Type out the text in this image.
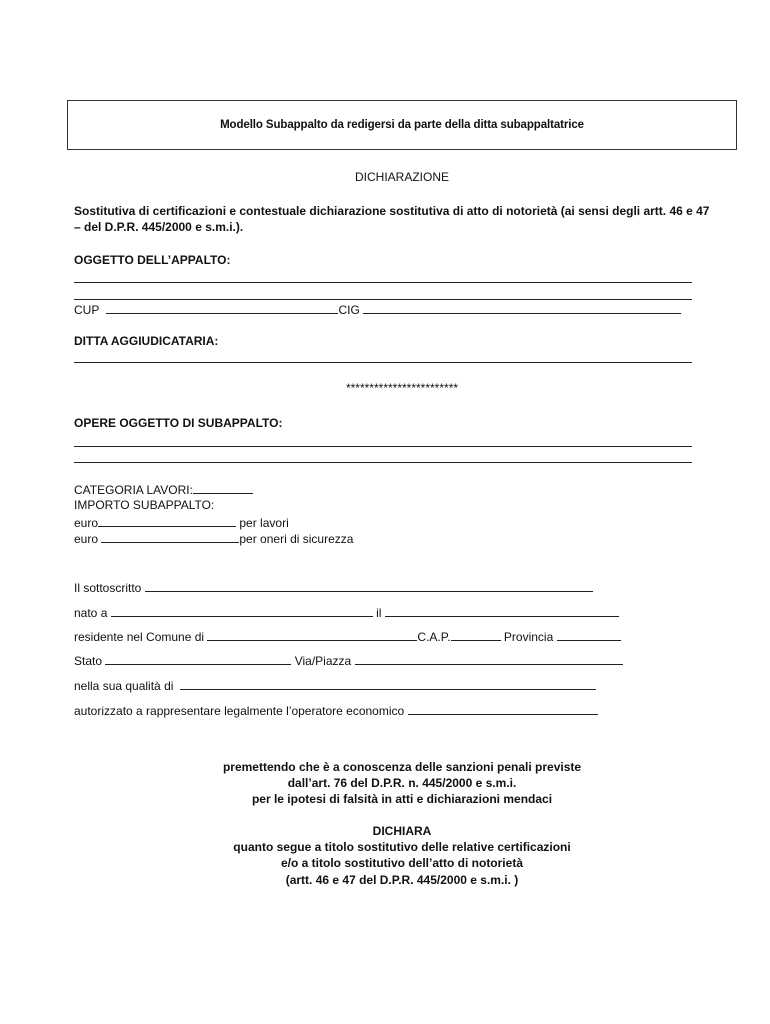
Modello Subappalto da redigersi da parte della ditta subappaltatrice
DICHIARAZIONE
Sostitutiva di certificazioni e contestuale dichiarazione sostitutiva di atto di notorietà (ai sensi degli artt. 46 e 47
– del D.P.R. 445/2000 e s.m.i.).
OGGETTO DELL’APPALTO:
CUP	CIG
DITTA AGGIUDICATARIA:
************************
OPERE OGGETTO DI SUBAPPALTO:
CATEGORIA LAVORI:
IMPORTO SUBAPPALTO:
euro	per lavori
euro	per oneri di sicurezza
Il sottoscritto
nato a	il
residente nel Comune di	C.A.P.	Provincia
Stato	Via/Piazza
nella sua qualità di
autorizzato a rappresentare legalmente l’operatore economico
premettendo che è a conoscenza delle sanzioni penali previste
dall’art. 76 del D.P.R. n. 445/2000 e s.m.i.
per le ipotesi di falsità in atti e dichiarazioni mendaci
DICHIARA
quanto segue a titolo sostitutivo delle relative certificazioni
e/o a titolo sostitutivo dell’atto di notorietà
(artt. 46 e 47 del D.P.R. 445/2000 e s.m.i. )
